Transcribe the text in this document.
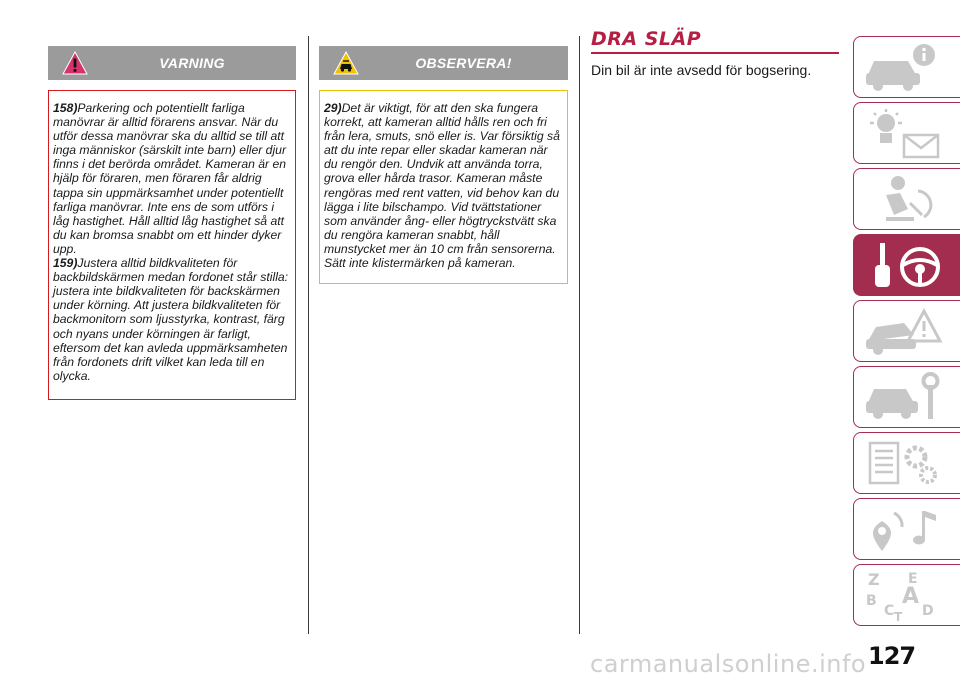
VARNING

158)Parkering och potentiellt farliga manövrar är alltid förarens ansvar. När du utför dessa manövrar ska du alltid se till att inga människor (särskilt inte barn) eller djur finns i det berörda området. Kameran är en hjälp för föraren, men föraren får aldrig tappa sin uppmärksamhet under potentiellt farliga manövrar. Inte ens de som utförs i låg hastighet. Håll alltid låg hastighet så att du kan bromsa snabbt om ett hinder dyker upp.

159)Justera alltid bildkvaliteten för backbildskärmen medan fordonet står stilla: justera inte bildkvaliteten för backskärmen under körning. Att justera bildkvaliteten för backmonitorn som ljusstyrka, kontrast, färg och nyans under körningen är farligt, eftersom det kan avleda uppmärksamheten från fordonets drift vilket kan leda till en olycka.

OBSERVERA!

29)Det är viktigt, för att den ska fungera korrekt, att kameran alltid hålls ren och fri från lera, smuts, snö eller is. Var försiktig så att du inte repar eller skadar kameran när du rengör den. Undvik att använda torra, grova eller hårda trasor. Kameran måste rengöras med rent vatten, vid behov kan du lägga i lite bilschampo. Vid tvättstationer som använder ång- eller högtryckstvätt ska du rengöra kameran snabbt, håll munstycket mer än 10 cm från sensorerna. Sätt inte klistermärken på kameran.

DRA SLÄP
Din bil är inte avsedd för bogsering.
Z E
B A
C D
T
carmanualsonline.info 127
